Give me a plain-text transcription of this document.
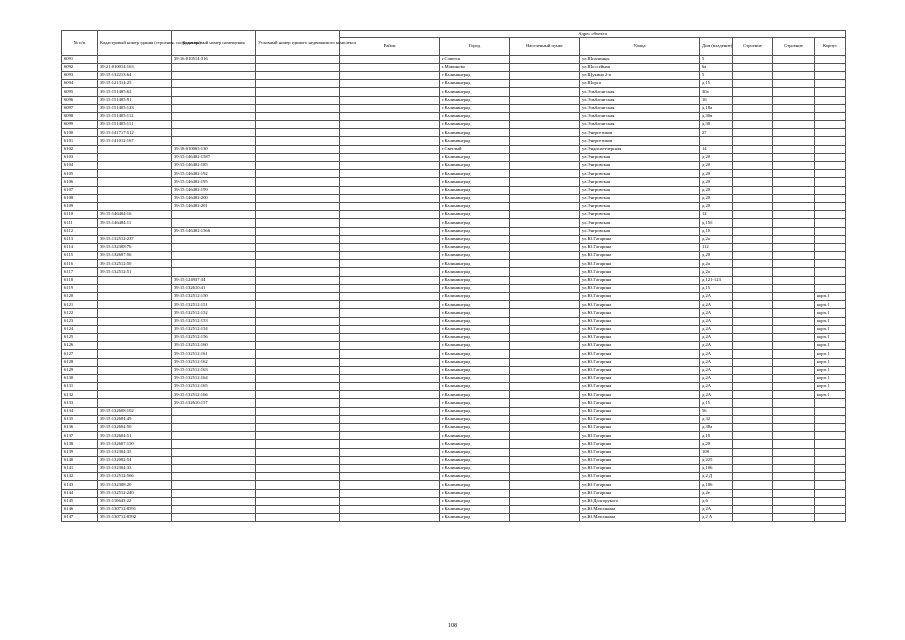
№ п/п	Кадастровый номер здания (строения, сооружения)	Кадастровый номер помещения	Условный номер единого недвижимого комплекса	Адрес объекта							
				Район	Город	Населенный пункт	Улица	Дом (владение)	Строение	Строение	Корпус
6091		39:16:010514:316			г.Советск		ул.Шпалинцы	5			
6092	39:21:010014:163				г.Мамоново		ул.Шоссейная	6а			
6093	39:15:132213:64				г.Калининград		ул.Щукина 2-я	5			
6094	39:15:121314:25				г.Калининград		ул.Шорса	д.15			
6095	39:15:151405:62				г.Калининград		ул.Эльблонгская	30а			
6096	39:15:151405:91				г.Калининград		ул.Эльблонгская	16			
6097	39:15:151405:123				г.Калининград		ул.Эльблонгская	д.18а			
6098	39:15:151405:112				г.Калининград		ул.Эльблонгская	д.30в			
6099	39:15:151405:111				г.Калининград		ул.Эльблонгская	д.30			
6100	39:15:141717:512				г.Калининград		ул.Энергетиков	27			
6101	39:15:141012:167				г.Калининград		ул.Энергетиков				
6102		39:18:010065:130			г.Светлый		ул.Эндиспетчерская	14			
6103		39:15:146402:1587			г.Калининград		ул.Энгровская	д.20			
6104		39:15:146402:185			г.Калининград		ул.Энгровская	д.20			
6105		39:15:146402:192			г.Калининград		ул.Энгровская	д.20			
6106		39:15:146402:195			г.Калининград		ул.Энгровская	д.20			
6107		39:15:146402:199			г.Калининград		ул.Энгровская	д.20			
6108		39:15:146402:200			г.Калининград		ул.Энгровская	д.20			
6109		39:15:146402:201			г.Калининград		ул.Энгровская	д.20			
6110	39:15:146404:16				г.Калининград		ул.Энгровская	12			
6111	39:15:146404:11				г.Калининград		ул.Энгровская	д.15б			
6112		39:15:146402:1566			г.Калининград		ул.Энгровская	д.10			
6113	39:15:132512:237				г.Калининград		ул.Ю.Гагарина	д.2а			
6114	39:15:132308:76				г.Калининград		ул.Ю.Гагарина	112			
6115	39:15:132607:56				г.Калининград		ул.Ю.Гагарина	д.20			
6116	39:15:132512:50				г.Калининград		ул.Ю.Гагарина	д.2а			
6117	39:15:132512:51				г.Калининград		ул.Ю.Гагарина	д.2а			
6118		39:15:124937:34			г.Калининград		ул.Ю.Гагарина	д.121-123			
6119		39:15:132610:41			г.Калининград		ул.Ю.Гагарина	д.15			
6120		39:15:132512:150			г.Калининград		ул.Ю.Гагарина	д.2А			корп.1
6121		39:15:132512:151			г.Калининград		ул.Ю.Гагарина	д.2А			корп.1
6122		39:15:132512:152			г.Калининград		ул.Ю.Гагарина	д.2А			корп.1
6123		39:15:132512:153			г.Калининград		ул.Ю.Гагарина	д.2А			корп.1
6124		39:15:132512:154			г.Калининград		ул.Ю.Гагарина	д.2А			корп.1
6125		39:15:132512:156			г.Калининград		ул.Ю.Гагарина	д.2А			корп.1
6126		39:15:132512:160			г.Калининград		ул.Ю.Гагарина	д.2А			корп.1
6127		39:15:132512:161			г.Калининград		ул.Ю.Гагарина	д.2А			корп.1
6128		39:15:132512:162			г.Калининград		ул.Ю.Гагарина	д.2А			корп.1
6129		39:15:132512:163			г.Калининград		ул.Ю.Гагарина	д.2А			корп.1
6130		39:15:132512:164			г.Калининград		ул.Ю.Гагарина	д.2А			корп.1
6131		39:15:132512:165			г.Калининград		ул.Ю.Гагарина	д.2А			корп.1
6132		39:15:132512:166			г.Калининград		ул.Ю.Гагарина	д.2А			корп.1
6133		39:15:132610:157			г.Калининград		ул.Ю.Гагарина	д.15			
6134	39:15:132608:102				г.Калининград		ул.Ю.Гагарина	56			
6135	39:15:132604:49				г.Калининград		ул.Ю.Гагарина	д.32			
6136	39:15:132604:50				г.Калининград		ул.Ю.Гагарина	д.38а			
6137	39:15:132604:51				г.Калининград		ул.Ю.Гагарина	д.10			
6138	39:15:132607:150				г.Калининград		ул.Ю.Гагарина	д.20			
6139	39:15:132304:35				г.Калининград		ул.Ю.Гагарина	108			
6140	39:15:132002:54				г.Калининград		ул.Ю.Гагарина	д.225			
6141	39:15:132304:33				г.Калининград		ул.Ю.Гагарина	д.106			
6142	39:15:132512:566				г.Калининград		ул.Ю.Гагарина	д.2 Д			
6143	39:15:132308:20				г.Калининград		ул.Ю.Гагарина	д.106			
6144	39:15:132512:240				г.Калининград		ул.Ю.Гагарина	д.2е			
6145	39:15:110643:22				г.Калининград		ул.Ю.Долгорукого	д.6			
6146	39:15:130712:8591				г.Калининград		ул.Ю.Маточкина	д.2А			
6147	39:15:130712:8592				г.Калининград		ул.Ю.Маточкина	д.2 А			
108
